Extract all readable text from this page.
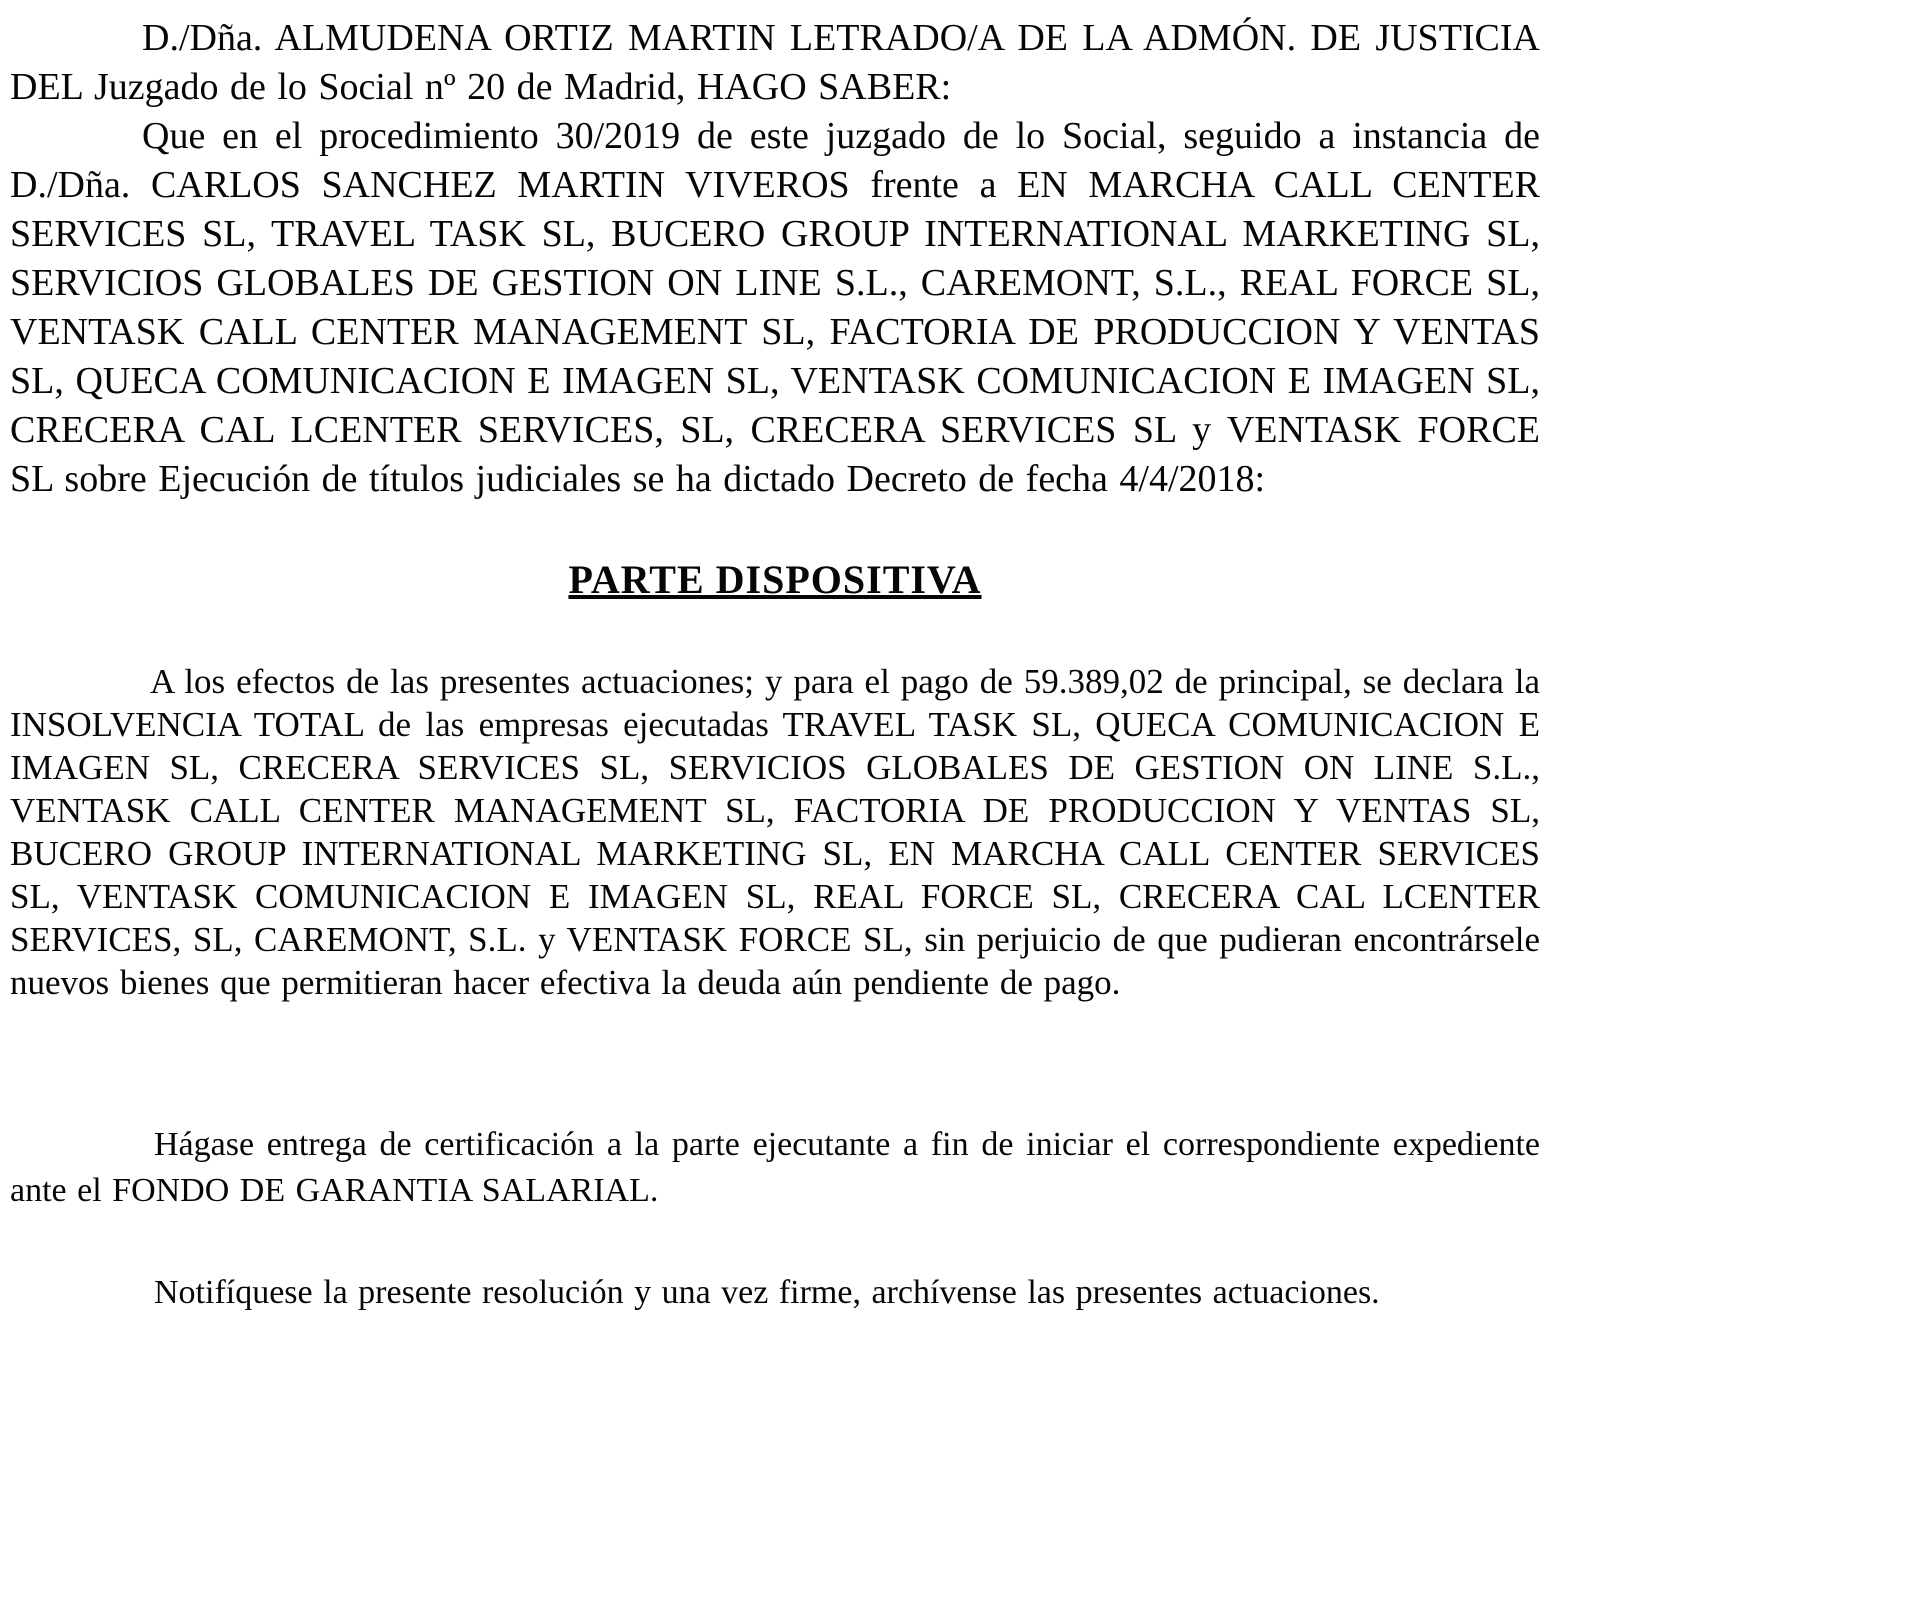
D./Dña. ALMUDENA ORTIZ MARTIN LETRADO/A DE LA ADMÓN. DE JUSTICIA DEL Juzgado de lo Social nº 20 de Madrid, HAGO SABER:

Que en el procedimiento 30/2019 de este juzgado de lo Social, seguido a instancia de D./Dña. CARLOS SANCHEZ MARTIN VIVEROS frente a EN MARCHA CALL CENTER SERVICES SL, TRAVEL TASK SL, BUCERO GROUP INTERNATIONAL MARKETING SL, SERVICIOS GLOBALES DE GESTION ON LINE S.L., CAREMONT, S.L., REAL FORCE SL, VENTASK CALL CENTER MANAGEMENT SL, FACTORIA DE PRODUCCION Y VENTAS SL, QUECA COMUNICACION E IMAGEN SL, VENTASK COMUNICACION E IMAGEN SL, CRECERA CAL LCENTER SERVICES, SL, CRECERA SERVICES SL y VENTASK FORCE SL sobre Ejecución de títulos judiciales se ha dictado Decreto de fecha 4/4/2018:

PARTE DISPOSITIVA

A los efectos de las presentes actuaciones; y para el pago de 59.389,02 de principal, se declara la INSOLVENCIA TOTAL de las empresas ejecutadas TRAVEL TASK SL, QUECA COMUNICACION E IMAGEN SL, CRECERA SERVICES SL, SERVICIOS GLOBALES DE GESTION ON LINE S.L., VENTASK CALL CENTER MANAGEMENT SL, FACTORIA DE PRODUCCION Y VENTAS SL, BUCERO GROUP INTERNATIONAL MARKETING SL, EN MARCHA CALL CENTER SERVICES SL, VENTASK COMUNICACION E IMAGEN SL, REAL FORCE SL, CRECERA CAL LCENTER SERVICES, SL, CAREMONT, S.L. y VENTASK FORCE SL, sin perjuicio de que pudieran encontrársele nuevos bienes que permitieran hacer efectiva la deuda aún pendiente de pago.

Hágase entrega de certificación a la parte ejecutante a fin de iniciar el correspondiente expediente ante el FONDO DE GARANTIA SALARIAL.

Notifíquese la presente resolución y una vez firme, archívense las presentes actuaciones.
